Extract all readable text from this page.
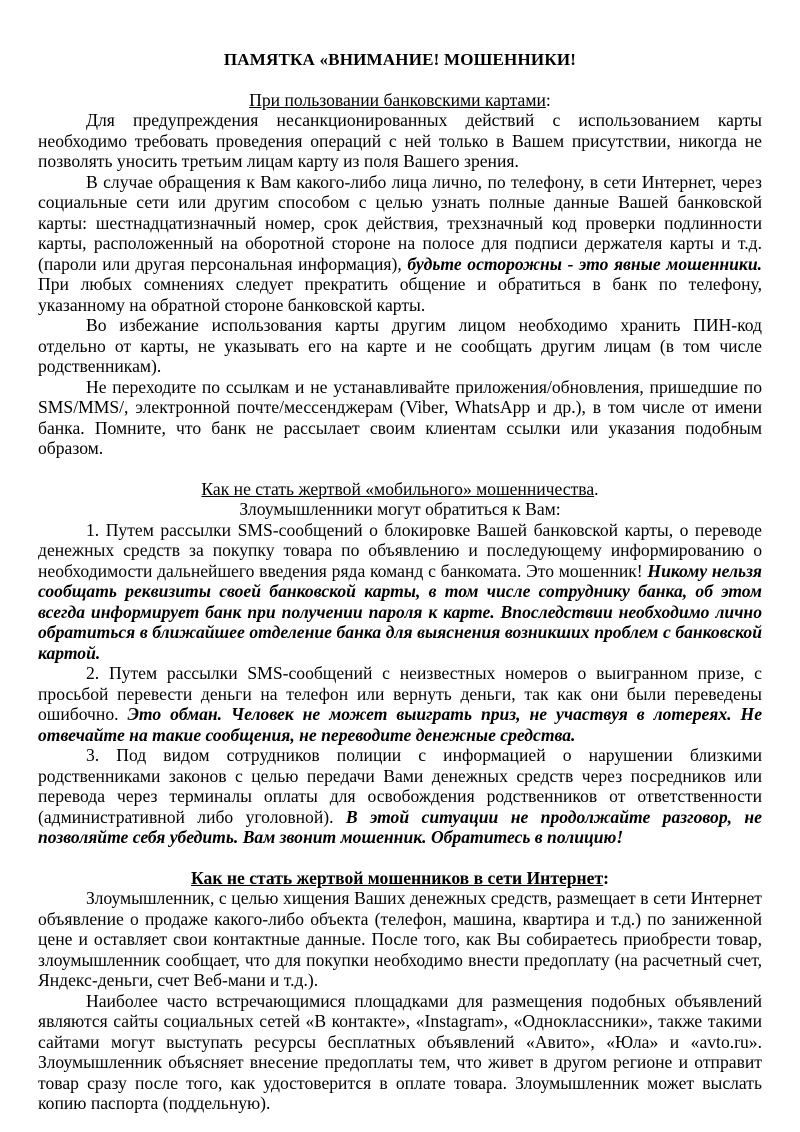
ПАМЯТКА «ВНИМАНИЕ! МОШЕННИКИ!
При пользовании банковскими картами:

Для предупреждения несанкционированных действий с использованием карты необходимо требовать проведения операций с ней только в Вашем присутствии, никогда не позволять уносить третьим лицам карту из поля Вашего зрения.

В случае обращения к Вам какого-либо лица лично, по телефону, в сети Интернет, через социальные сети или другим способом с целью узнать полные данные Вашей банковской карты: шестнадцатизначный номер, срок действия, трехзначный код проверки подлинности карты, расположенный на оборотной стороне на полосе для подписи держателя карты и т.д. (пароли или другая персональная информация), будьте осторожны - это явные мошенники. При любых сомнениях следует прекратить общение и обратиться в банк по телефону, указанному на обратной стороне банковской карты.

Во избежание использования карты другим лицом необходимо хранить ПИН-код отдельно от карты, не указывать его на карте и не сообщать другим лицам (в том числе родственникам).

Не переходите по ссылкам и не устанавливайте приложения/обновления, пришедшие по SMS/MMS/, электронной почте/мессенджерам (Viber, WhatsApp и др.), в том числе от имени банка. Помните, что банк не рассылает своим клиентам ссылки или указания подобным образом.

Как не стать жертвой «мобильного» мошенничества.
Злоумышленники могут обратиться к Вам:

1. Путем рассылки SMS-сообщений о блокировке Вашей банковской карты, о переводе денежных средств за покупку товара по объявлению и последующему информированию о необходимости дальнейшего введения ряда команд с банкомата. Это мошенник! Никому нельзя сообщать реквизиты своей банковской карты, в том числе сотруднику банка, об этом всегда информирует банк при получении пароля к карте. Впоследствии необходимо лично обратиться в ближайшее отделение банка для выяснения возникших проблем с банковской картой.

2. Путем рассылки SMS-сообщений с неизвестных номеров о выигранном призе, с просьбой перевести деньги на телефон или вернуть деньги, так как они были переведены ошибочно. Это обман. Человек не может выиграть приз, не участвуя в лотереях. Не отвечайте на такие сообщения, не переводите денежные средства.

3. Под видом сотрудников полиции с информацией о нарушении близкими родственниками законов с целью передачи Вами денежных средств через посредников или перевода через терминалы оплаты для освобождения родственников от ответственности (административной либо уголовной). В этой ситуации не продолжайте разговор, не позволяйте себя убедить. Вам звонит мошенник. Обратитесь в полицию!

Как не стать жертвой мошенников в сети Интернет:

Злоумышленник, с целью хищения Ваших денежных средств, размещает в сети Интернет объявление о продаже какого-либо объекта (телефон, машина, квартира и т.д.) по заниженной цене и оставляет свои контактные данные. После того, как Вы собираетесь приобрести товар, злоумышленник сообщает, что для покупки необходимо внести предоплату (на расчетный счет, Яндекс-деньги, счет Веб-мани и т.д.).

Наиболее часто встречающимися площадками для размещения подобных объявлений являются сайты социальных сетей «В контакте», «Instagram», «Одноклассники», также такими сайтами могут выступать ресурсы бесплатных объявлений «Авито», «Юла» и «avto.ru». Злоумышленник объясняет внесение предоплаты тем, что живет в другом регионе и отправит товар сразу после того, как удостоверится в оплате товара. Злоумышленник может выслать копию паспорта (поддельную).
